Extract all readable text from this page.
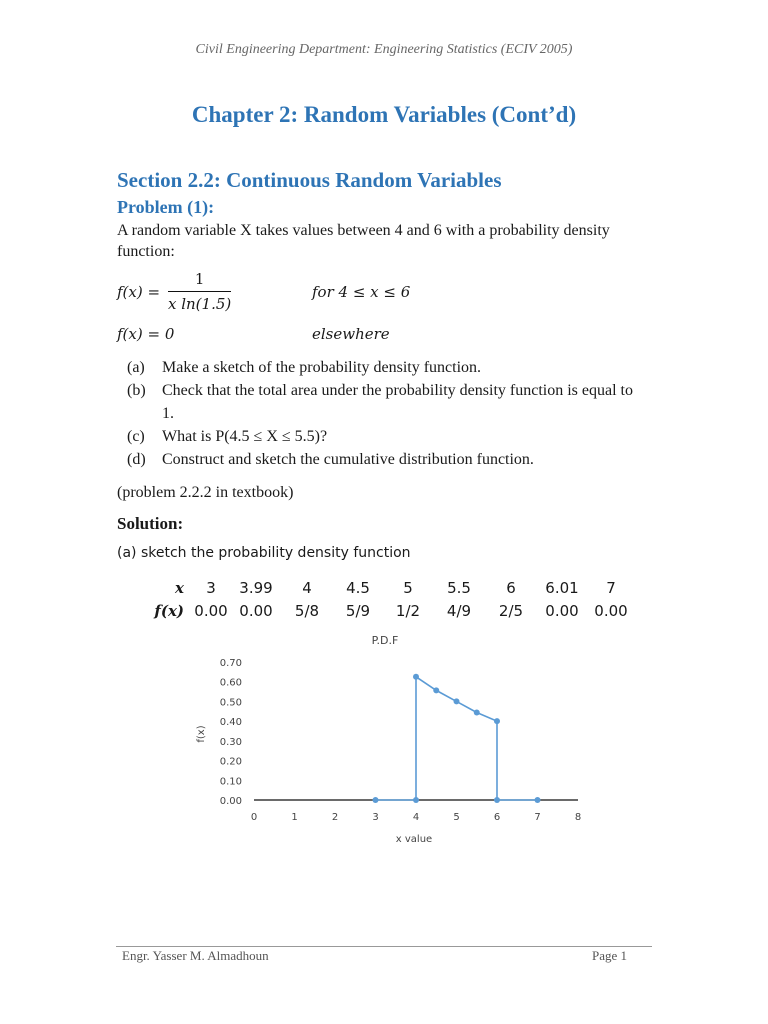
Civil Engineering Department: Engineering Statistics (ECIV 2005)
Chapter 2: Random Variables (Cont’d)
Section 2.2: Continuous Random Variables
Problem (1):
A random variable X takes values between 4 and 6 with a probability density function:
$f(x) = \frac{1}{\text{x ln(1.5)}}$	for 4 ≤ x ≤ 6
f(x) = 0	elsewhere
(a)	Make a sketch of the probability density function.
(b)	Check that the total area under the probability density function is equal to 1.
(c)	What is P(4.5 ≤ X ≤ 5.5)?
(d)	Construct and sketch the cumulative distribution function.
(problem 2.2.2 in textbook)
Solution:
(a) sketch the probability density function
x	3	3.99	4	4.5	5	5.5	6	6.01	7
f(x)	0.00	0.00	5/8	5/9	1/2	4/9	2/5	0.00	0.00
P.D.F
f(x)
x value
0.00
0.10
0.20
0.30
0.40
0.50
0.60
0.70
0	1	2	3	4	5	6	7	8
Engr. Yasser M. Almadhoun	Page 1
